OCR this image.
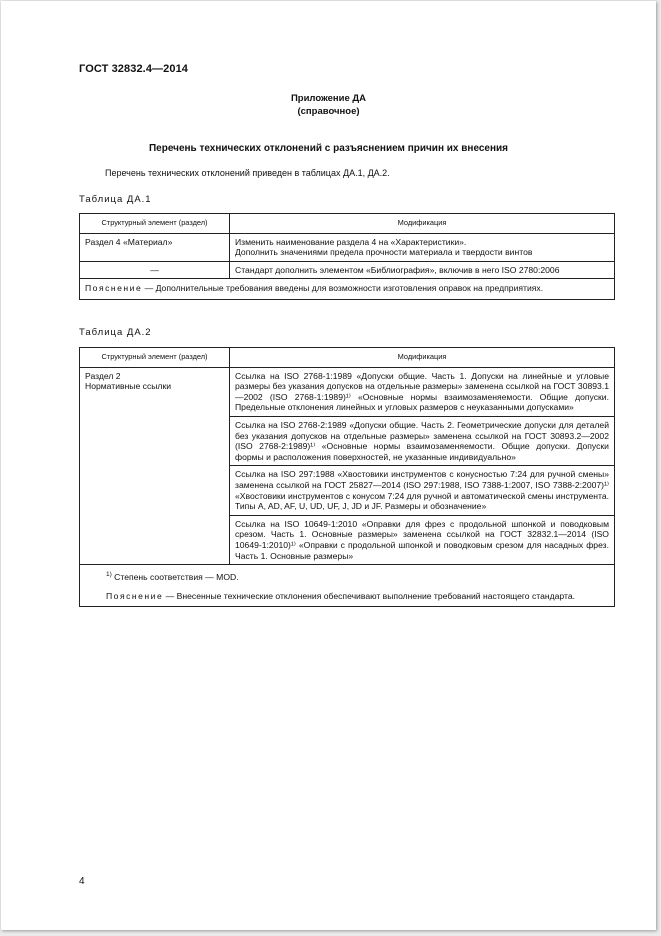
ГОСТ 32832.4—2014
Приложение ДА
(справочное)
Перечень технических отклонений с разъяснением причин их внесения
Перечень технических отклонений приведен в таблицах ДА.1, ДА.2.
Таблица ДА.1
Структурный элемент (раздел)	Модификация
Раздел 4 «Материал»	Изменить наименование раздела 4 на «Характеристики».
Дополнить значениями предела прочности материала и твердости винтов
—	Стандарт дополнить элементом «Библиография», включив в него ISO 2780:2006
Пояснение — Дополнительные требования введены для возможности изготовления оправок на предприятиях.	
Таблица ДА.2
Структурный элемент (раздел)	Модификация
Раздел 2
Нормативные ссылки	Ссылка на ISO 2768-1:1989 «Допуски общие. Часть 1. Допуски на линейные и угловые размеры без указания допусков на отдельные размеры» заменена ссылкой на ГОСТ 30893.1—2002 (ISO 2768-1:1989)¹⁾ «Основные нормы взаимозаменяемости. Общие допуски. Предельные отклонения линейных и угловых размеров с неуказанными допусками»
	Ссылка на ISO 2768-2:1989 «Допуски общие. Часть 2. Геометрические допуски для деталей без указания допусков на отдельные размеры» заменена ссылкой на ГОСТ 30893.2—2002 (ISO 2768-2:1989)¹⁾ «Основные нормы взаимозаменяемости. Общие допуски. Допуски формы и расположения поверхностей, не указанные индивидуально»
	Ссылка на ISO 297:1988 «Хвостовики инструментов с конусностью 7:24 для ручной смены» заменена ссылкой на ГОСТ 25827—2014 (ISO 297:1988, ISO 7388-1:2007, ISO 7388-2:2007)¹⁾ «Хвостовики инструментов с конусом 7:24 для ручной и автоматической смены инструмента. Типы A, AD, AF, U, UD, UF, J, JD и JF. Размеры и обозначение»
	Ссылка на ISO 10649-1:2010 «Оправки для фрез с продольной шпонкой и поводковым срезом. Часть 1. Основные размеры» заменена ссылкой на ГОСТ 32832.1—2014 (ISO 10649-1:2010)¹⁾ «Оправки с продольной шпонкой и поводковым срезом для насадных фрез. Часть 1. Основные размеры»
$^{1)}$ Степень соответствия — MOD.	
Пояснение — Внесенные технические отклонения обеспечивают выполнение требований настоящего стандарта.	
4
